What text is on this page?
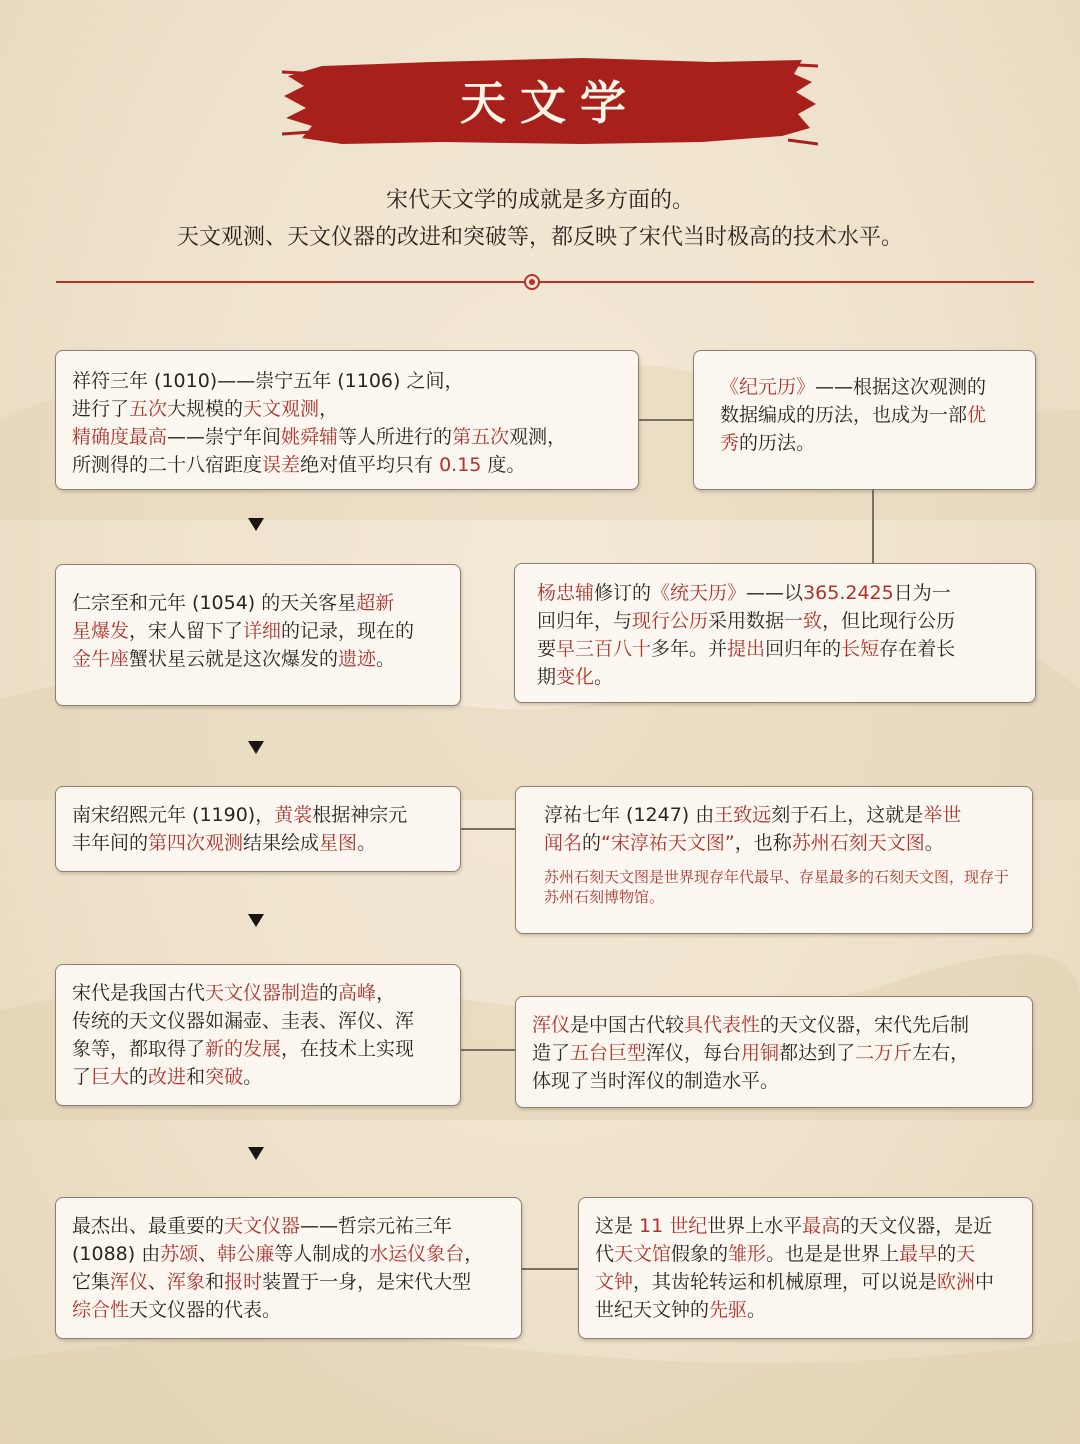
天文学
宋代天文学的成就是多方面的。
天文观测、天文仪器的改进和突破等，都反映了宋代当时极高的技术水平。
祥符三年 (1010)——崇宁五年 (1106) 之间，
进行了五次大规模的天文观测，
精确度最高——崇宁年间姚舜辅等人所进行的第五次观测，
所测得的二十八宿距度误差绝对值平均只有 0.15 度。
《纪元历》——根据这次观测的
数据编成的历法，也成为一部优
秀的历法。
仁宗至和元年 (1054) 的天关客星超新
星爆发，宋人留下了详细的记录，现在的
金牛座蟹状星云就是这次爆发的遗迹。
杨忠辅修订的《统天历》——以365.2425日为一
回归年，与现行公历采用数据一致，但比现行公历
要早三百八十多年。并提出回归年的长短存在着长
期变化。
南宋绍熙元年 (1190)，黄裳根据神宗元
丰年间的第四次观测结果绘成星图。
淳祐七年 (1247) 由王致远刻于石上，这就是举世
闻名的“宋淳祐天文图”，也称苏州石刻天文图。
苏州石刻天文图是世界现存年代最早、存星最多的石刻天文图，现存于苏州石刻博物馆。
宋代是我国古代天文仪器制造的高峰，
传统的天文仪器如漏壶、圭表、浑仪、浑
象等，都取得了新的发展，在技术上实现
了巨大的改进和突破。
浑仪是中国古代较具代表性的天文仪器，宋代先后制
造了五台巨型浑仪，每台用铜都达到了二万斤左右，
体现了当时浑仪的制造水平。
最杰出、最重要的天文仪器——哲宗元祐三年
(1088) 由苏颂、韩公廉等人制成的水运仪象台，
它集浑仪、浑象和报时装置于一身，是宋代大型
综合性天文仪器的代表。
这是 11 世纪世界上水平最高的天文仪器，是近
代天文馆假象的雏形。也是是世界上最早的天
文钟，其齿轮转运和机械原理，可以说是欧洲中
世纪天文钟的先驱。
